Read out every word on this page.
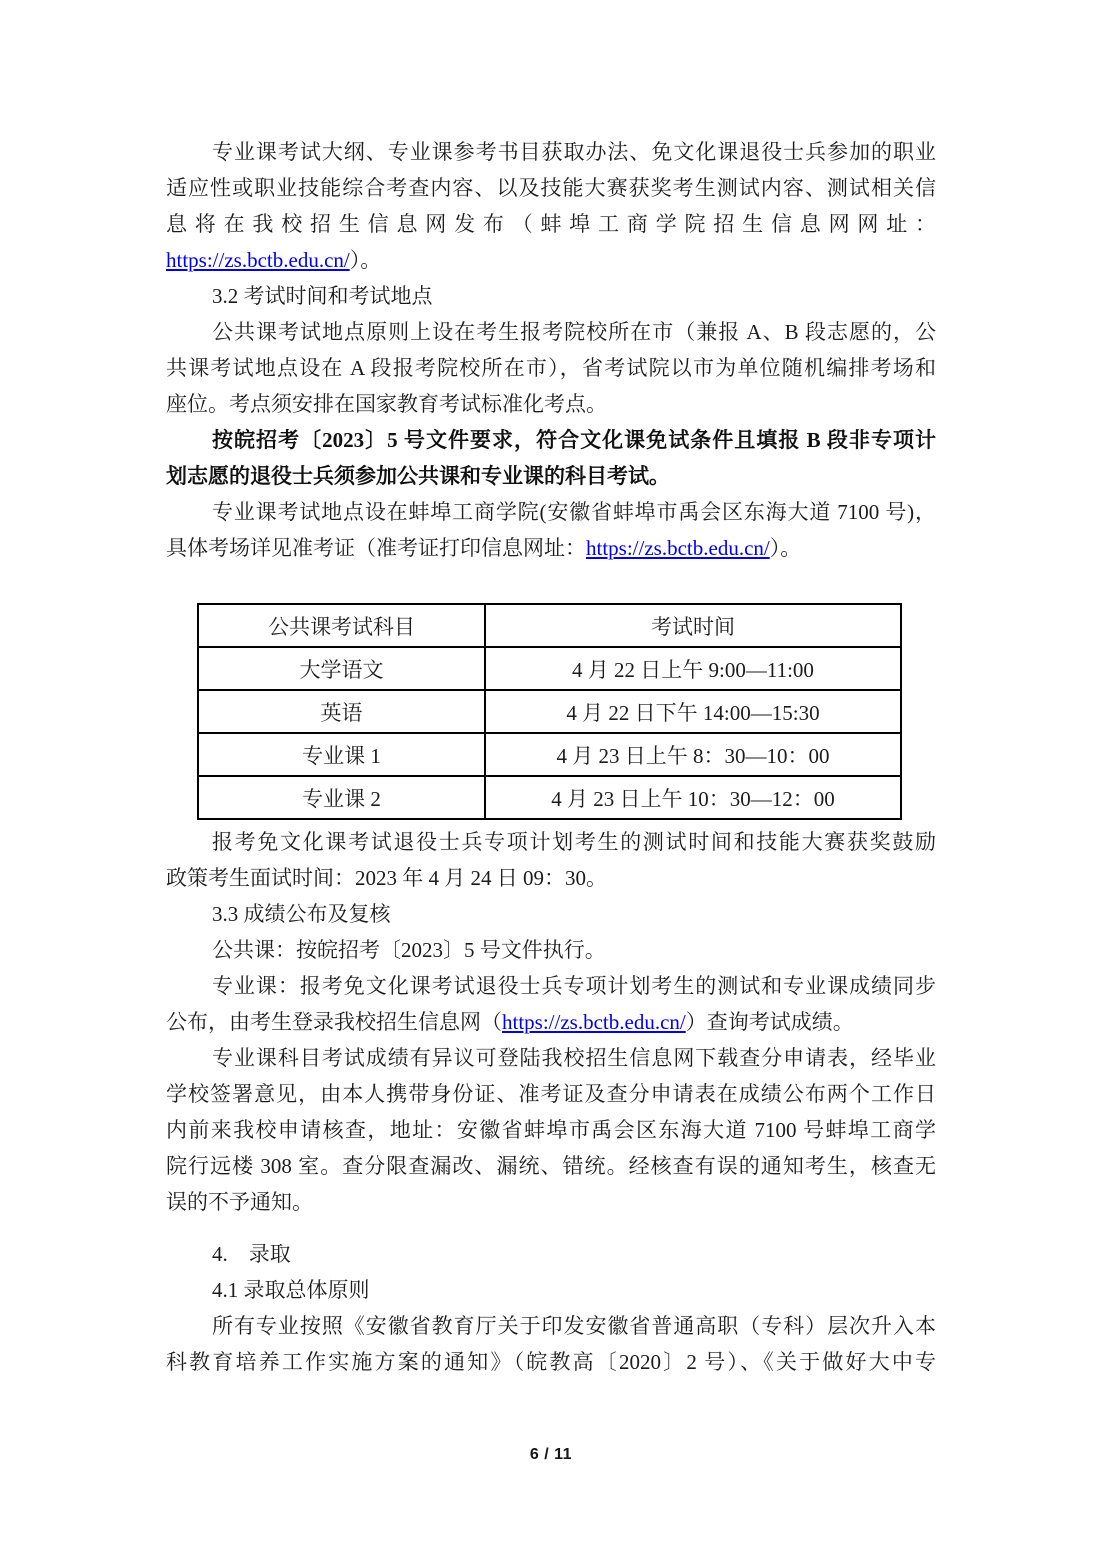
专业课考试大纲、专业课参考书目获取办法、免文化课退役士兵参加的职业
适应性或职业技能综合考查内容、以及技能大赛获奖考生测试内容、测试相关信
息将在我校招生信息网发布（蚌埠工商学院招生信息网网址：
https://zs.bctb.edu.cn/）。
3.2 考试时间和考试地点
公共课考试地点原则上设在考生报考院校所在市（兼报 A、B 段志愿的，公
共课考试地点设在 A 段报考院校所在市），省考试院以市为单位随机编排考场和
座位。考点须安排在国家教育考试标准化考点。
按皖招考〔2023〕5 号文件要求，符合文化课免试条件且填报 B 段非专项计
划志愿的退役士兵须参加公共课和专业课的科目考试。
专业课考试地点设在蚌埠工商学院(安徽省蚌埠市禹会区东海大道 7100 号)，
具体考场详见准考证（准考证打印信息网址：https://zs.bctb.edu.cn/）。
公共课考试科目	考试时间
大学语文	4 月 22 日上午 9:00—11:00
英语	4 月 22 日下午 14:00—15:30
专业课 1	4 月 23 日上午 8：30—10：00
专业课 2	4 月 23 日上午 10：30—12：00
报考免文化课考试退役士兵专项计划考生的测试时间和技能大赛获奖鼓励
政策考生面试时间：2023 年 4 月 24 日 09：30。
3.3 成绩公布及复核
公共课：按皖招考〔2023〕5 号文件执行。
专业课：报考免文化课考试退役士兵专项计划考生的测试和专业课成绩同步
公布，由考生登录我校招生信息网（https://zs.bctb.edu.cn/）查询考试成绩。
专业课科目考试成绩有异议可登陆我校招生信息网下载查分申请表，经毕业
学校签署意见，由本人携带身份证、准考证及查分申请表在成绩公布两个工作日
内前来我校申请核查，地址：安徽省蚌埠市禹会区东海大道 7100 号蚌埠工商学
院行远楼 308 室。查分限查漏改、漏统、错统。经核查有误的通知考生，核查无
误的不予通知。
4. 录取
4.1 录取总体原则
所有专业按照《安徽省教育厅关于印发安徽省普通高职（专科）层次升入本
科教育培养工作实施方案的通知》（皖教高〔2020〕2 号）、《关于做好大中专
6 / 11
